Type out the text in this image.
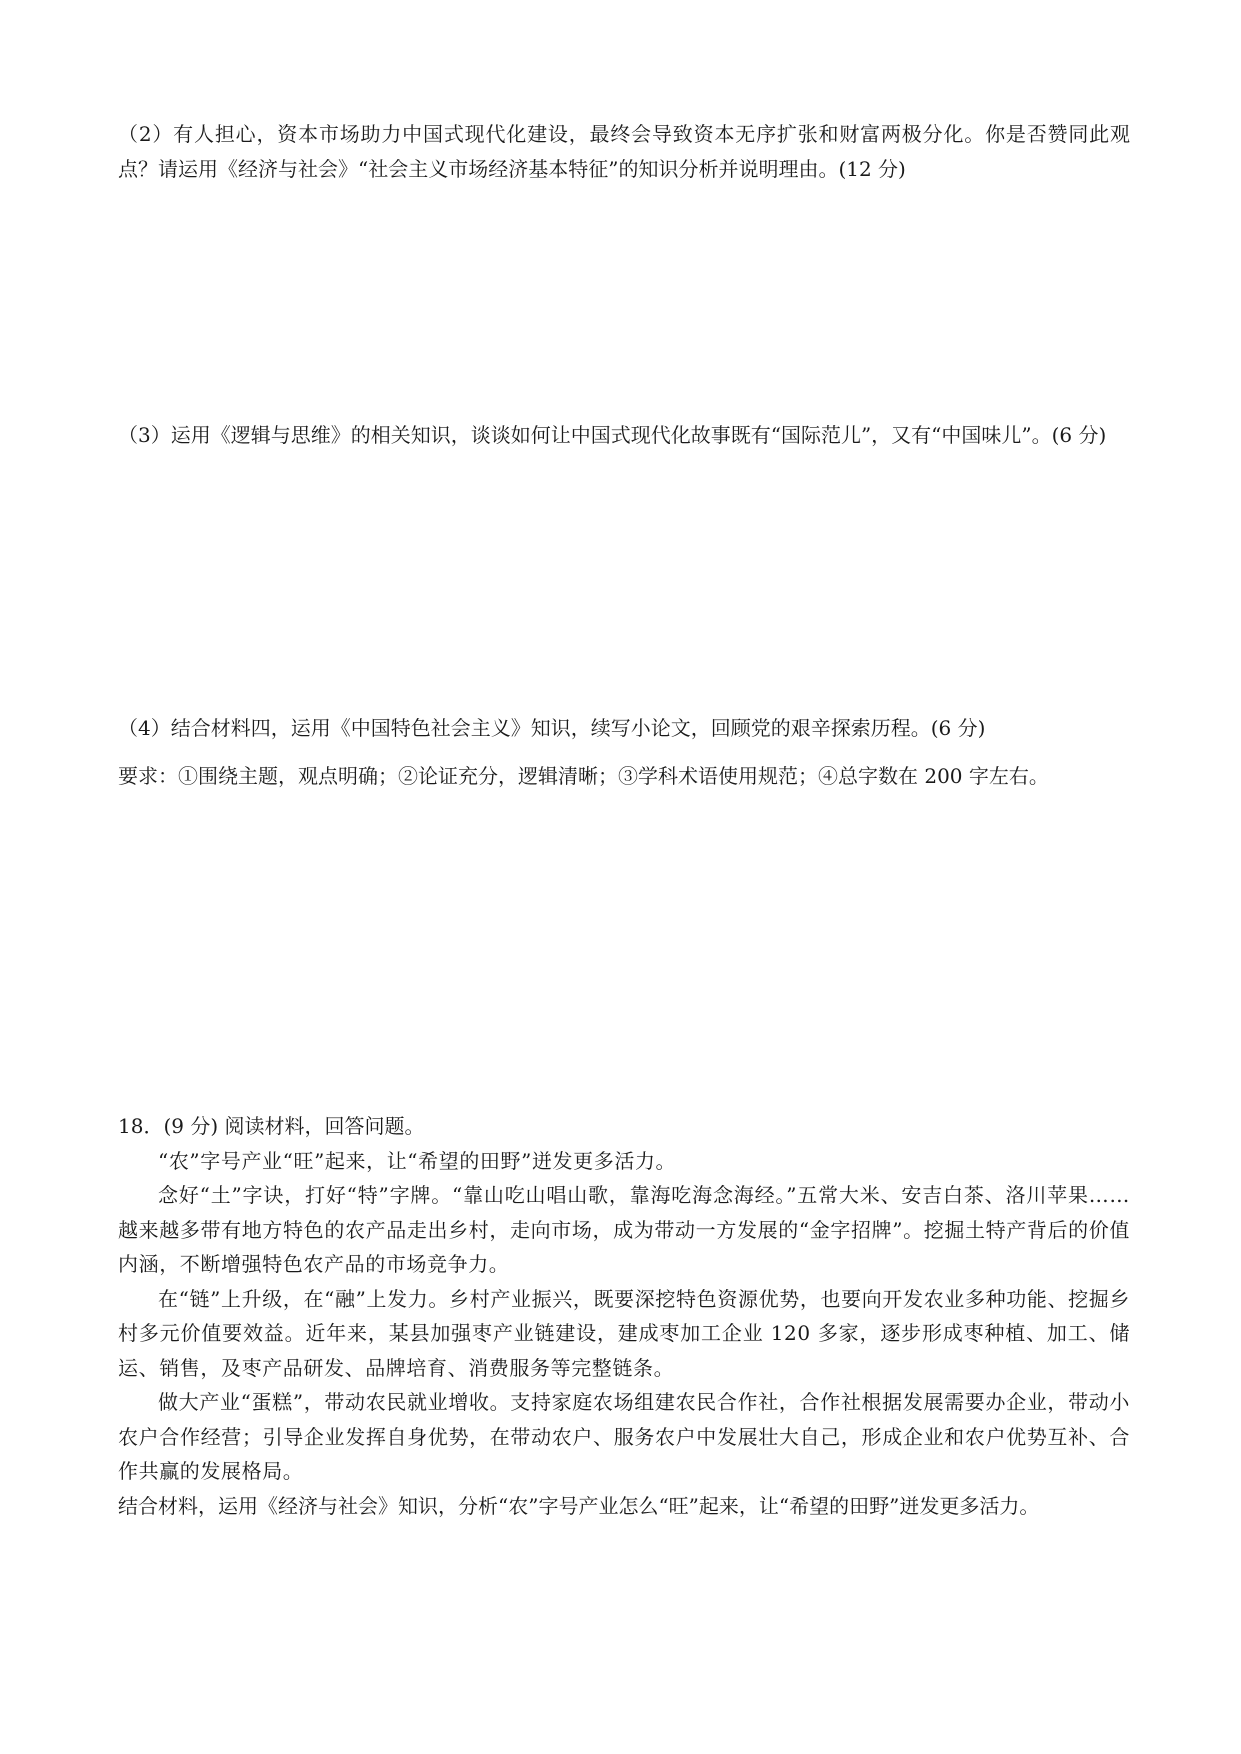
（2）有人担心，资本市场助力中国式现代化建设，最终会导致资本无序扩张和财富两极分化。你是否赞同此观点？请运用《经济与社会》“社会主义市场经济基本特征”的知识分析并说明理由。(12 分)

（3）运用《逻辑与思维》的相关知识，谈谈如何让中国式现代化故事既有“国际范儿”，又有“中国味儿”。(6 分)

（4）结合材料四，运用《中国特色社会主义》知识，续写小论文，回顾党的艰辛探索历程。(6 分)

要求：①围绕主题，观点明确；②论证充分，逻辑清晰；③学科术语使用规范；④总字数在 200 字左右。

18．(9 分) 阅读材料，回答问题。

“农”字号产业“旺”起来，让“希望的田野”迸发更多活力。

念好“土”字诀，打好“特”字牌。“靠山吃山唱山歌，靠海吃海念海经。”五常大米、安吉白茶、洛川苹果……越来越多带有地方特色的农产品走出乡村，走向市场，成为带动一方发展的“金字招牌”。挖掘土特产背后的价值内涵，不断增强特色农产品的市场竞争力。

在“链”上升级，在“融”上发力。乡村产业振兴，既要深挖特色资源优势，也要向开发农业多种功能、挖掘乡村多元价值要效益。近年来，某县加强枣产业链建设，建成枣加工企业 120 多家，逐步形成枣种植、加工、储运、销售，及枣产品研发、品牌培育、消费服务等完整链条。

做大产业“蛋糕”，带动农民就业增收。支持家庭农场组建农民合作社，合作社根据发展需要办企业，带动小农户合作经营；引导企业发挥自身优势，在带动农户、服务农户中发展壮大自己，形成企业和农户优势互补、合作共赢的发展格局。

结合材料，运用《经济与社会》知识，分析“农”字号产业怎么“旺”起来，让“希望的田野”迸发更多活力。
